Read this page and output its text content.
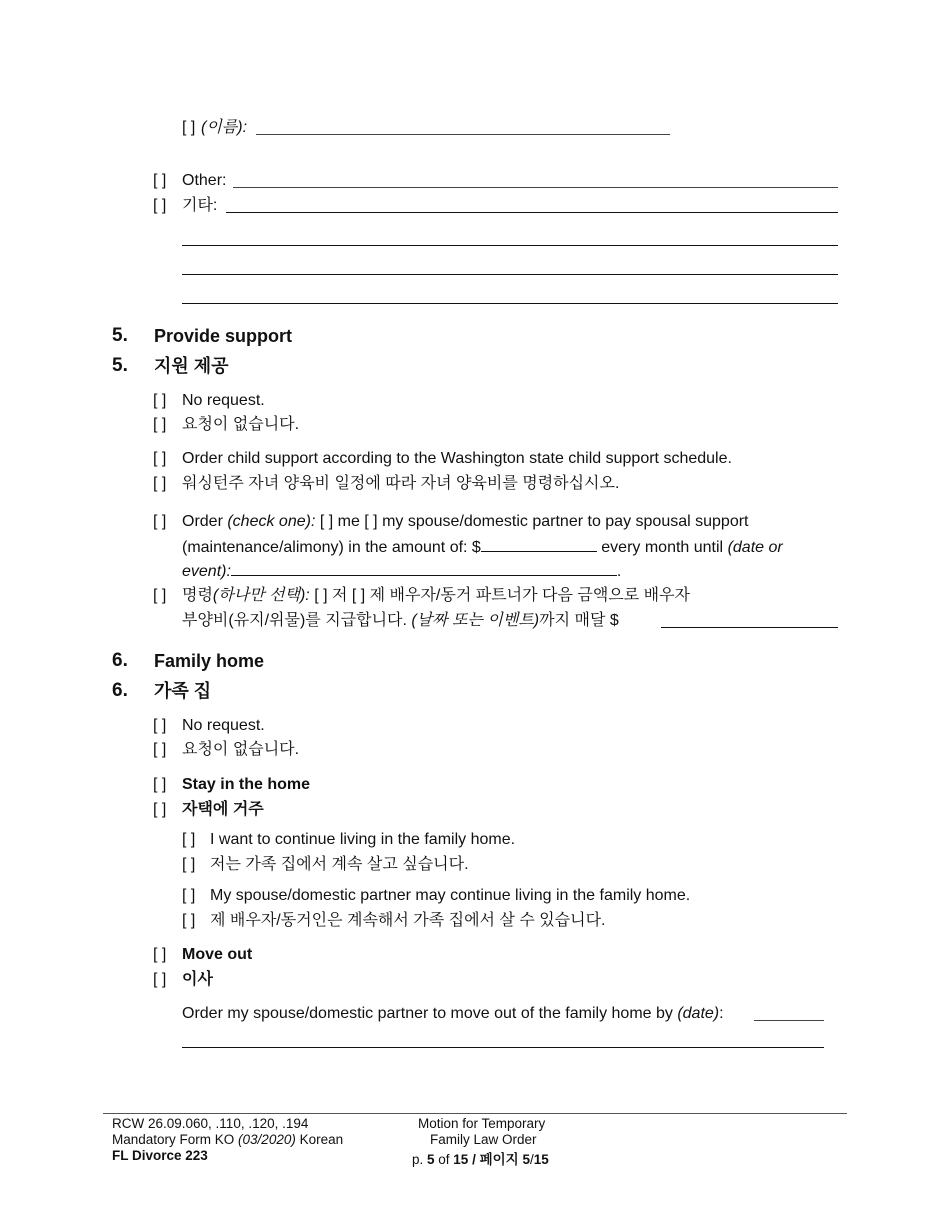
[ ] (이름):
[ ] Other:
[ ] 기타:
5. Provide support
5. 지원 제공
[ ] No request.
[ ] 요청이 없습니다.
[ ] Order child support according to the Washington state child support schedule.
[ ] 워싱턴주 자녀 양육비 일정에 따라 자녀 양육비를 명령하십시오.
[ ] Order (check one): [ ] me [ ] my spouse/domestic partner to pay spousal support
(maintenance/alimony) in the amount of: $	every month until (date or
event):	.
[ ] 명령(하나만 선택): [ ] 저 [ ] 제 배우자/동거 파트너가 다음 금액으로 배우자
부양비(유지/위물)를 지급합니다. (날짜 또는 이벤트)까지 매달 $
6. Family home
6. 가족 집
[ ] No request.
[ ] 요청이 없습니다.
[ ] Stay in the home
[ ] 자택에 거주
[ ] I want to continue living in the family home.
[ ] 저는 가족 집에서 계속 살고 싶습니다.
[ ] My spouse/domestic partner may continue living in the family home.
[ ] 제 배우자/동거인은 계속해서 가족 집에서 살 수 있습니다.
[ ] Move out
[ ] 이사
Order my spouse/domestic partner to move out of the family home by (date):
RCW 26.09.060, .110, .120, .194
Mandatory Form KO (03/2020) Korean
FL Divorce 223
Motion for Temporary
Family Law Order
p. 5 of 15 / 페이지 5/15
